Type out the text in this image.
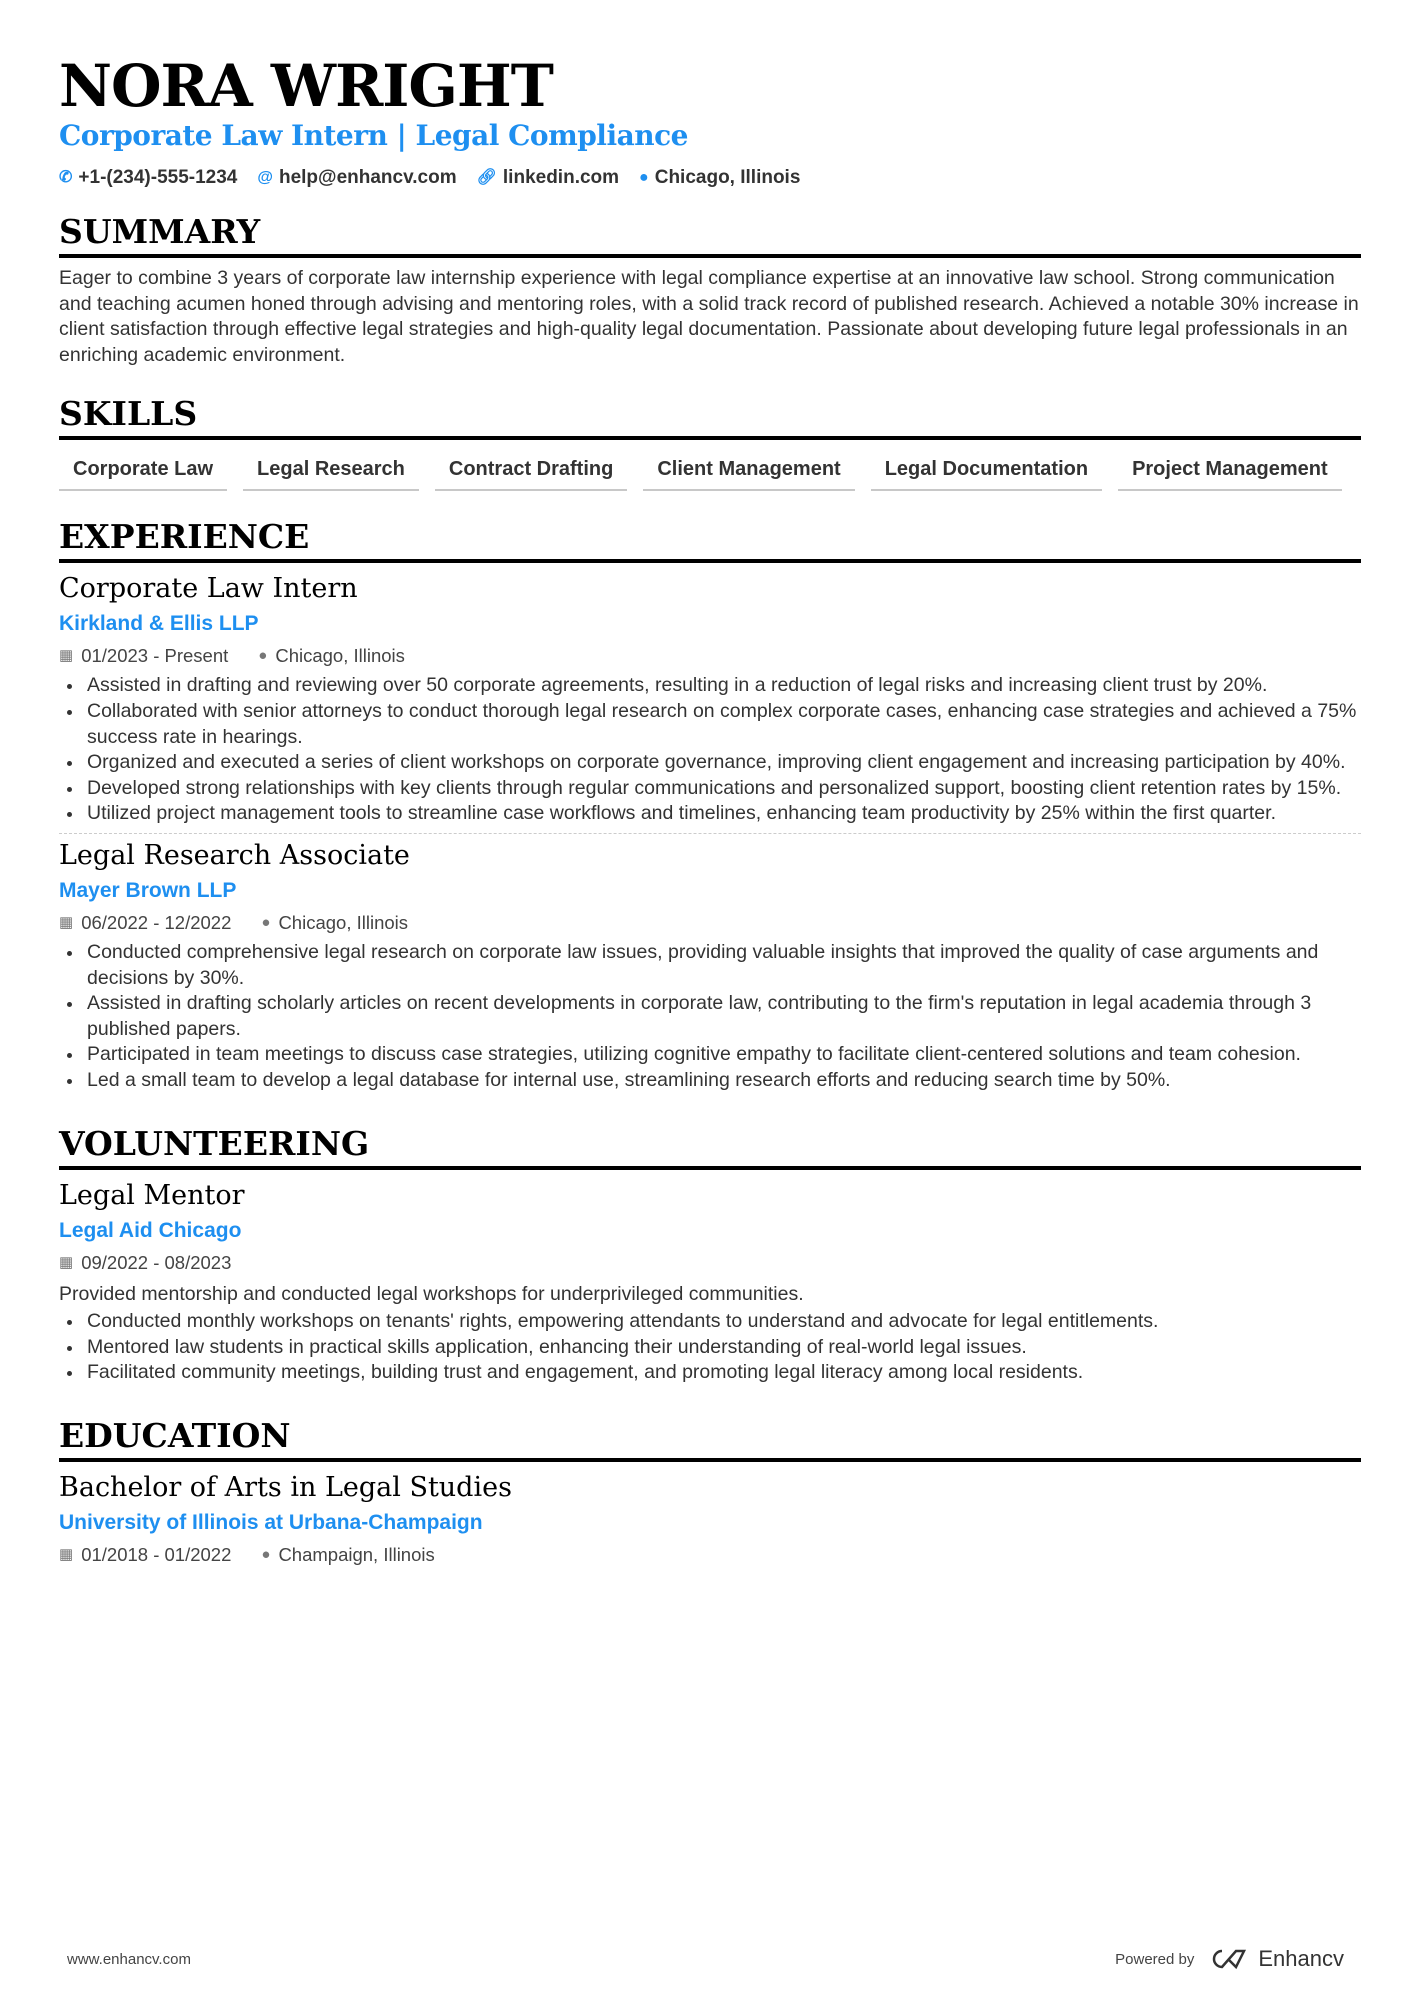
NORA WRIGHT
Corporate Law Intern | Legal Compliance
✆ +1-(234)-555-1234 @ help@enhancv.com 🔗︎ linkedin.com ● Chicago, Illinois
SUMMARY

Eager to combine 3 years of corporate law internship experience with legal compliance expertise at an innovative law school. Strong communication and teaching acumen honed through advising and mentoring roles, with a solid track record of published research. Achieved a notable 30% increase in client satisfaction through effective legal strategies and high-quality legal documentation. Passionate about developing future legal professionals in an enriching academic environment.

SKILLS
Corporate Law	Legal Research	Contract Drafting	Client Management	Legal Documentation	Project Management
EXPERIENCE
Corporate Law Intern
Kirkland & Ellis LLP
▦ 01/2023 - Present ● Chicago, Illinois
Assisted in drafting and reviewing over 50 corporate agreements, resulting in a reduction of legal risks and increasing client trust by 20%.
Collaborated with senior attorneys to conduct thorough legal research on complex corporate cases, enhancing case strategies and achieved a 75% success rate in hearings.
Organized and executed a series of client workshops on corporate governance, improving client engagement and increasing participation by 40%.
Developed strong relationships with key clients through regular communications and personalized support, boosting client retention rates by 15%.
Utilized project management tools to streamline case workflows and timelines, enhancing team productivity by 25% within the first quarter.
Legal Research Associate
Mayer Brown LLP
▦ 06/2022 - 12/2022 ● Chicago, Illinois
Conducted comprehensive legal research on corporate law issues, providing valuable insights that improved the quality of case arguments and decisions by 30%.
Assisted in drafting scholarly articles on recent developments in corporate law, contributing to the firm's reputation in legal academia through 3 published papers.
Participated in team meetings to discuss case strategies, utilizing cognitive empathy to facilitate client-centered solutions and team cohesion.
Led a small team to develop a legal database for internal use, streamlining research efforts and reducing search time by 50%.
VOLUNTEERING
Legal Mentor
Legal Aid Chicago
▦ 09/2022 - 08/2023

Provided mentorship and conducted legal workshops for underprivileged communities.

Conducted monthly workshops on tenants' rights, empowering attendants to understand and advocate for legal entitlements.
Mentored law students in practical skills application, enhancing their understanding of real-world legal issues.
Facilitated community meetings, building trust and engagement, and promoting legal literacy among local residents.
EDUCATION
Bachelor of Arts in Legal Studies
University of Illinois at Urbana-Champaign
▦ 01/2018 - 01/2022 ● Champaign, Illinois
www.enhancv.com	Powered by	Enhancv
